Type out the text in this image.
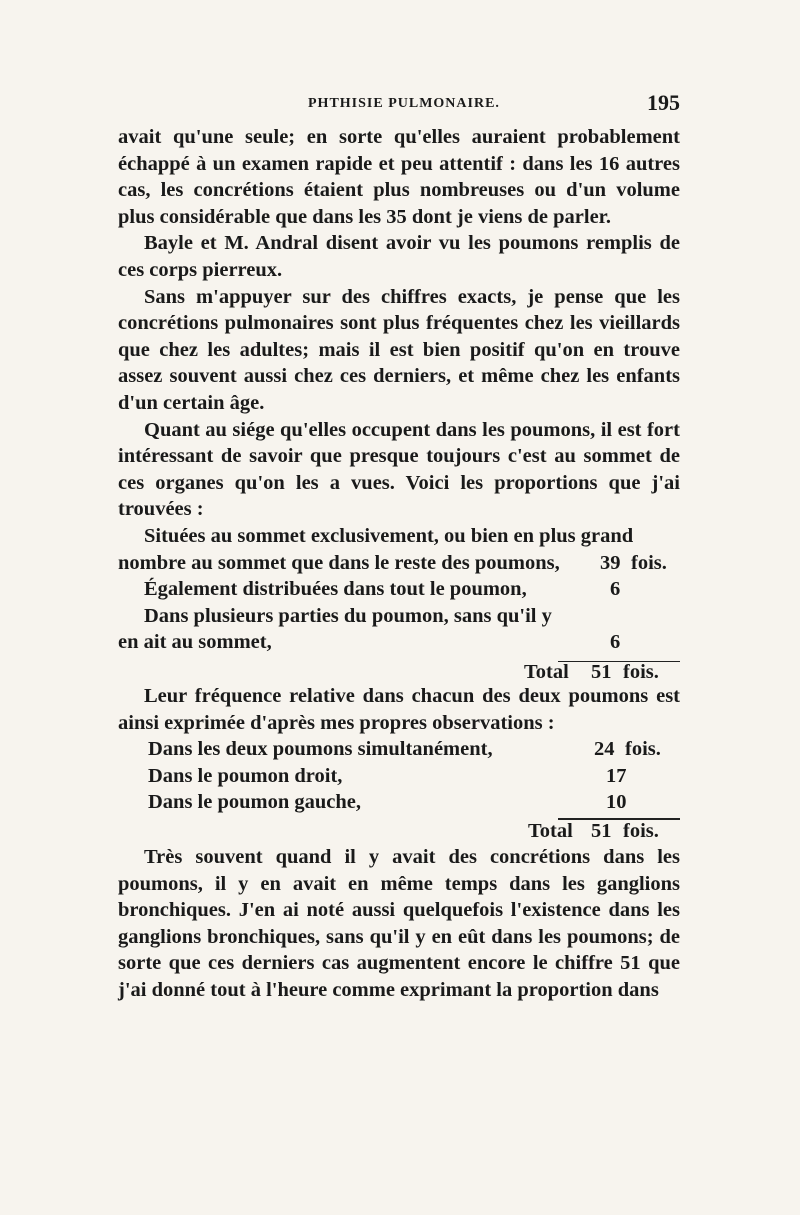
PHTHISIE PULMONAIRE.	195

avait qu'une seule; en sorte qu'elles auraient probablement échappé à un examen rapide et peu attentif : dans les 16 autres cas, les concrétions étaient plus nombreuses ou d'un volume plus considérable que dans les 35 dont je viens de parler.

Bayle et M. Andral disent avoir vu les poumons remplis de ces corps pierreux.

Sans m'appuyer sur des chiffres exacts, je pense que les concrétions pulmonaires sont plus fréquentes chez les vieillards que chez les adultes; mais il est bien positif qu'on en trouve assez souvent aussi chez ces derniers, et même chez les enfants d'un certain âge.

Quant au siége qu'elles occupent dans les poumons, il est fort intéressant de savoir que presque toujours c'est au sommet de ces organes qu'on les a vues. Voici les proportions que j'ai trouvées :

Situées au sommet exclusivement, ou bien en plus grand
nombre au sommet que dans le reste des poumons, 39 fois.
Également distribuées dans tout le poumon,	6
Dans plusieurs parties du poumon, sans qu'il y
en ait au sommet,	6
Total 51 fois.

Leur fréquence relative dans chacun des deux poumons est ainsi exprimée d'après mes propres observations :

Dans les deux poumons simultanément,	24 fois.
Dans le poumon droit,	17
Dans le poumon gauche,	10
Total 51 fois.

Très souvent quand il y avait des concrétions dans les poumons, il y en avait en même temps dans les ganglions bronchiques. J'en ai noté aussi quelquefois l'existence dans les ganglions bronchiques, sans qu'il y en eût dans les poumons; de sorte que ces derniers cas augmentent encore le chiffre 51 que j'ai donné tout à l'heure comme exprimant la proportion dans
